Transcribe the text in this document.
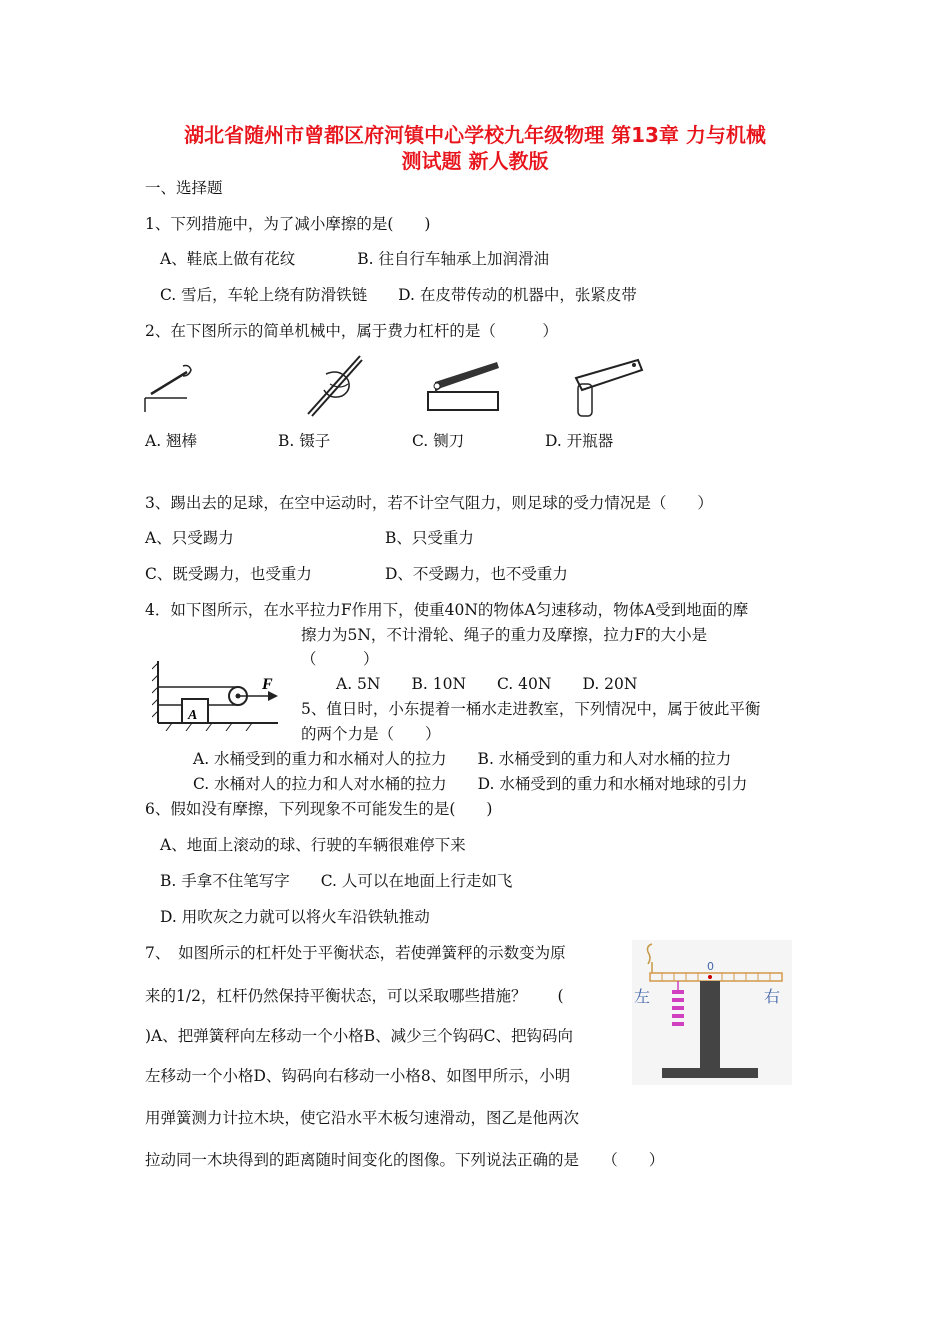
湖北省随州市曾都区府河镇中心学校九年级物理 第13章 力与机械
测试题 新人教版
一、选择题
1、下列措施中，为了减小摩擦的是(　　)
A、鞋底上做有花纹　　　　B. 往自行车轴承上加润滑油
C. 雪后，车轮上绕有防滑铁链　　D. 在皮带传动的机器中，张紧皮带
2、在下图所示的简单机械中，属于费力杠杆的是（　　　）
A. 翘棒	B. 镊子	C. 铡刀	D. 开瓶器
3、踢出去的足球，在空中运动时，若不计空气阻力，则足球的受力情况是（　　）
A、只受踢力	B、只受重力
C、既受踢力，也受重力	D、不受踢力，也不受重力
4．如下图所示，在水平拉力F作用下，使重40N的物体A匀速移动，物体A受到地面的摩
擦力为5N，不计滑轮、绳子的重力及摩擦，拉力F的大小是
（　　　）
A. 5N　　B. 10N　　C. 40N　　D. 20N
F
A	5、值日时，小东提着一桶水走进教室，下列情况中，属于彼此平衡
的两个力是（　　）
A. 水桶受到的重力和水桶对人的拉力　　B. 水桶受到的重力和人对水桶的拉力
C. 水桶对人的拉力和人对水桶的拉力　　D. 水桶受到的重力和水桶对地球的引力
6、假如没有摩擦，下列现象不可能发生的是(　　)
A、地面上滚动的球、行驶的车辆很难停下来
B. 手拿不住笔写字　　C. 人可以在地面上行走如飞
D. 用吹灰之力就可以将火车沿铁轨推动
7、　如图所示的杠杆处于平衡状态，若使弹簧秤的示数变为原
来的1/2，杠杆仍然保持平衡状态，可以采取哪些措施？　　(
)A、把弹簧秤向左移动一个小格B、减少三个钩码C、把钩码向
左移动一个小格D、钩码向右移动一小格8、如图甲所示，小明
用弹簧测力计拉木块，使它沿水平木板匀速滑动，图乙是他两次
拉动同一木块得到的距离随时间变化的图像。下列说法正确的是　　（　　）
0
左	右
